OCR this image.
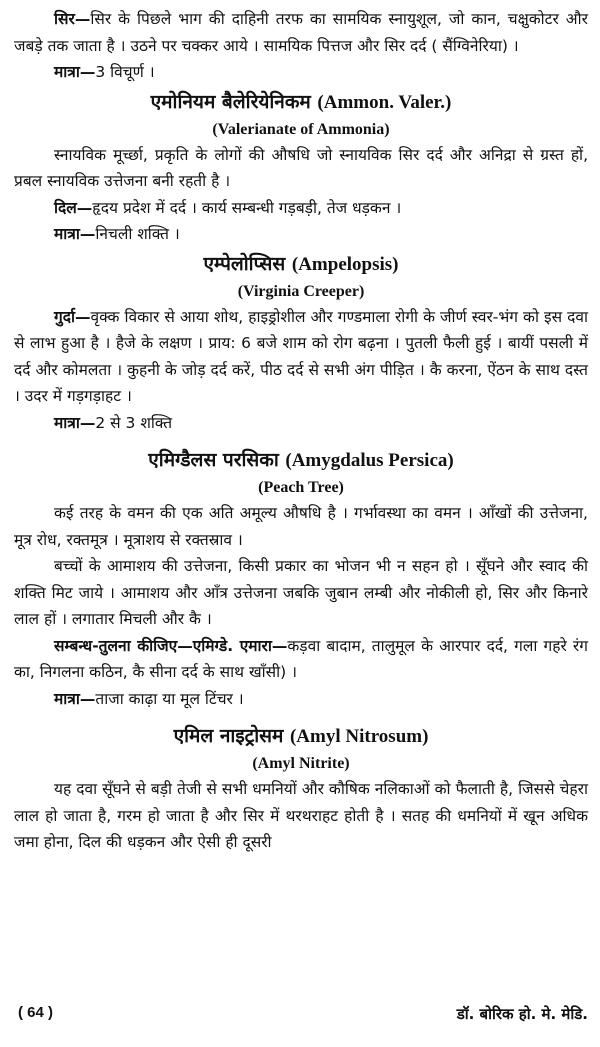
सिर—सिर के पिछले भाग की दाहिनी तरफ का सामयिक स्नायुशूल, जो कान, चक्षुकोटर और जबड़े तक जाता है । उठने पर चक्कर आये । सामयिक पित्तज और सिर दर्द ( सैंग्विनेरिया) ।

मात्रा—3 विचूर्ण ।

एमोनियम बैलेरियेनिकम (Ammon. Valer.)
(Valerianate of Ammonia)

स्नायविक मूर्च्छा, प्रकृति के लोगों की औषधि जो स्नायविक सिर दर्द और अनिद्रा से ग्रस्त हों, प्रबल स्नायविक उत्तेजना बनी रहती है ।

दिल—हृदय प्रदेश में दर्द । कार्य सम्बन्धी गड़बड़ी, तेज धड़कन ।

मात्रा—निचली शक्ति ।

एम्पेलोप्सिस (Ampelopsis)
(Virginia Creeper)

गुर्दा—वृक्क विकार से आया शोथ, हाइड्रोशील और गण्डमाला रोगी के जीर्ण स्वर-भंग को इस दवा से लाभ हुआ है । हैजे के लक्षण । प्राय: 6 बजे शाम को रोग बढ़ना । पुतली फैली हुई । बायीं पसली में दर्द और कोमलता । कुहनी के जोड़ दर्द करें, पीठ दर्द से सभी अंग पीड़ित । कै करना, ऐंठन के साथ दस्त । उदर में गड़गड़ाहट ।

मात्रा—2 से 3 शक्ति

एमिग्डैलस परसिका (Amygdalus Persica)
(Peach Tree)

कई तरह के वमन की एक अति अमूल्य औषधि है । गर्भावस्था का वमन । आँखों की उत्तेजना, मूत्र रोध, रक्तमूत्र । मूत्राशय से रक्तस्राव ।

बच्चों के आमाशय की उत्तेजना, किसी प्रकार का भोजन भी न सहन हो । सूँघने और स्वाद की शक्ति मिट जाये । आमाशय और आँत्र उत्तेजना जबकि जुबान लम्बी और नोकीली हो, सिर और किनारे लाल हों । लगातार मिचली और कै ।

सम्बन्ध-तुलना कीजिए—एमिग्डे. एमारा—कड़वा बादाम, तालुमूल के आरपार दर्द, गला गहरे रंग का, निगलना कठिन, कै सीना दर्द के साथ खाँसी) ।

मात्रा—ताजा काढ़ा या मूल टिंचर ।

एमिल नाइट्रोसम (Amyl Nitrosum)
(Amyl Nitrite)

यह दवा सूँघने से बड़ी तेजी से सभी धमनियों और कौषिक नलिकाओं को फैलाती है, जिससे चेहरा लाल हो जाता है, गरम हो जाता है और सिर में थरथराहट होती है । सतह की धमनियों में खून अधिक जमा होना, दिल की धड़कन और ऐसी ही दूसरी

( 64 )	डॉ. बोरिक हो. मे. मेडि.
